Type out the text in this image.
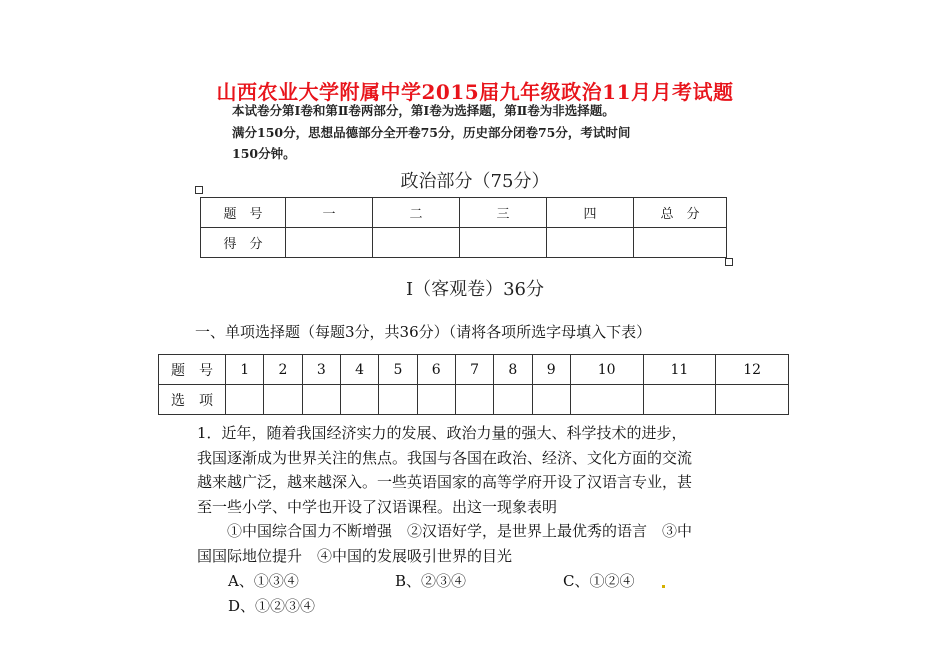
山西农业大学附属中学2015届九年级政治11月月考试题
本试卷分第Ⅰ卷和第Ⅱ卷两部分，第Ⅰ卷为选择题，第Ⅱ卷为非选择题。
满分150分，思想品德部分全开卷75分，历史部分闭卷75分，考试时间
150分钟。
政治部分（75分）
题　号	一	二	三	四	总　分
得　分					
Ⅰ（客观卷）36分
一、单项选择题（每题3分，共36分）（请将各项所选字母填入下表）
题　号	1	2	3	4	5	6	7	8	9	10	11	12
选　项												
1．近年，随着我国经济实力的发展、政治力量的强大、科学技术的进步，
我国逐渐成为世界关注的焦点。我国与各国在政治、经济、文化方面的交流
越来越广泛，越来越深入。一些英语国家的高等学府开设了汉语言专业，甚
至一些小学、中学也开设了汉语课程。出这一现象表明
　　①中国综合国力不断增强　②汉语好学，是世界上最优秀的语言　③中
国国际地位提升　④中国的发展吸引世界的目光
A、①③④	B、②③④	C、①②④
D、①②③④
